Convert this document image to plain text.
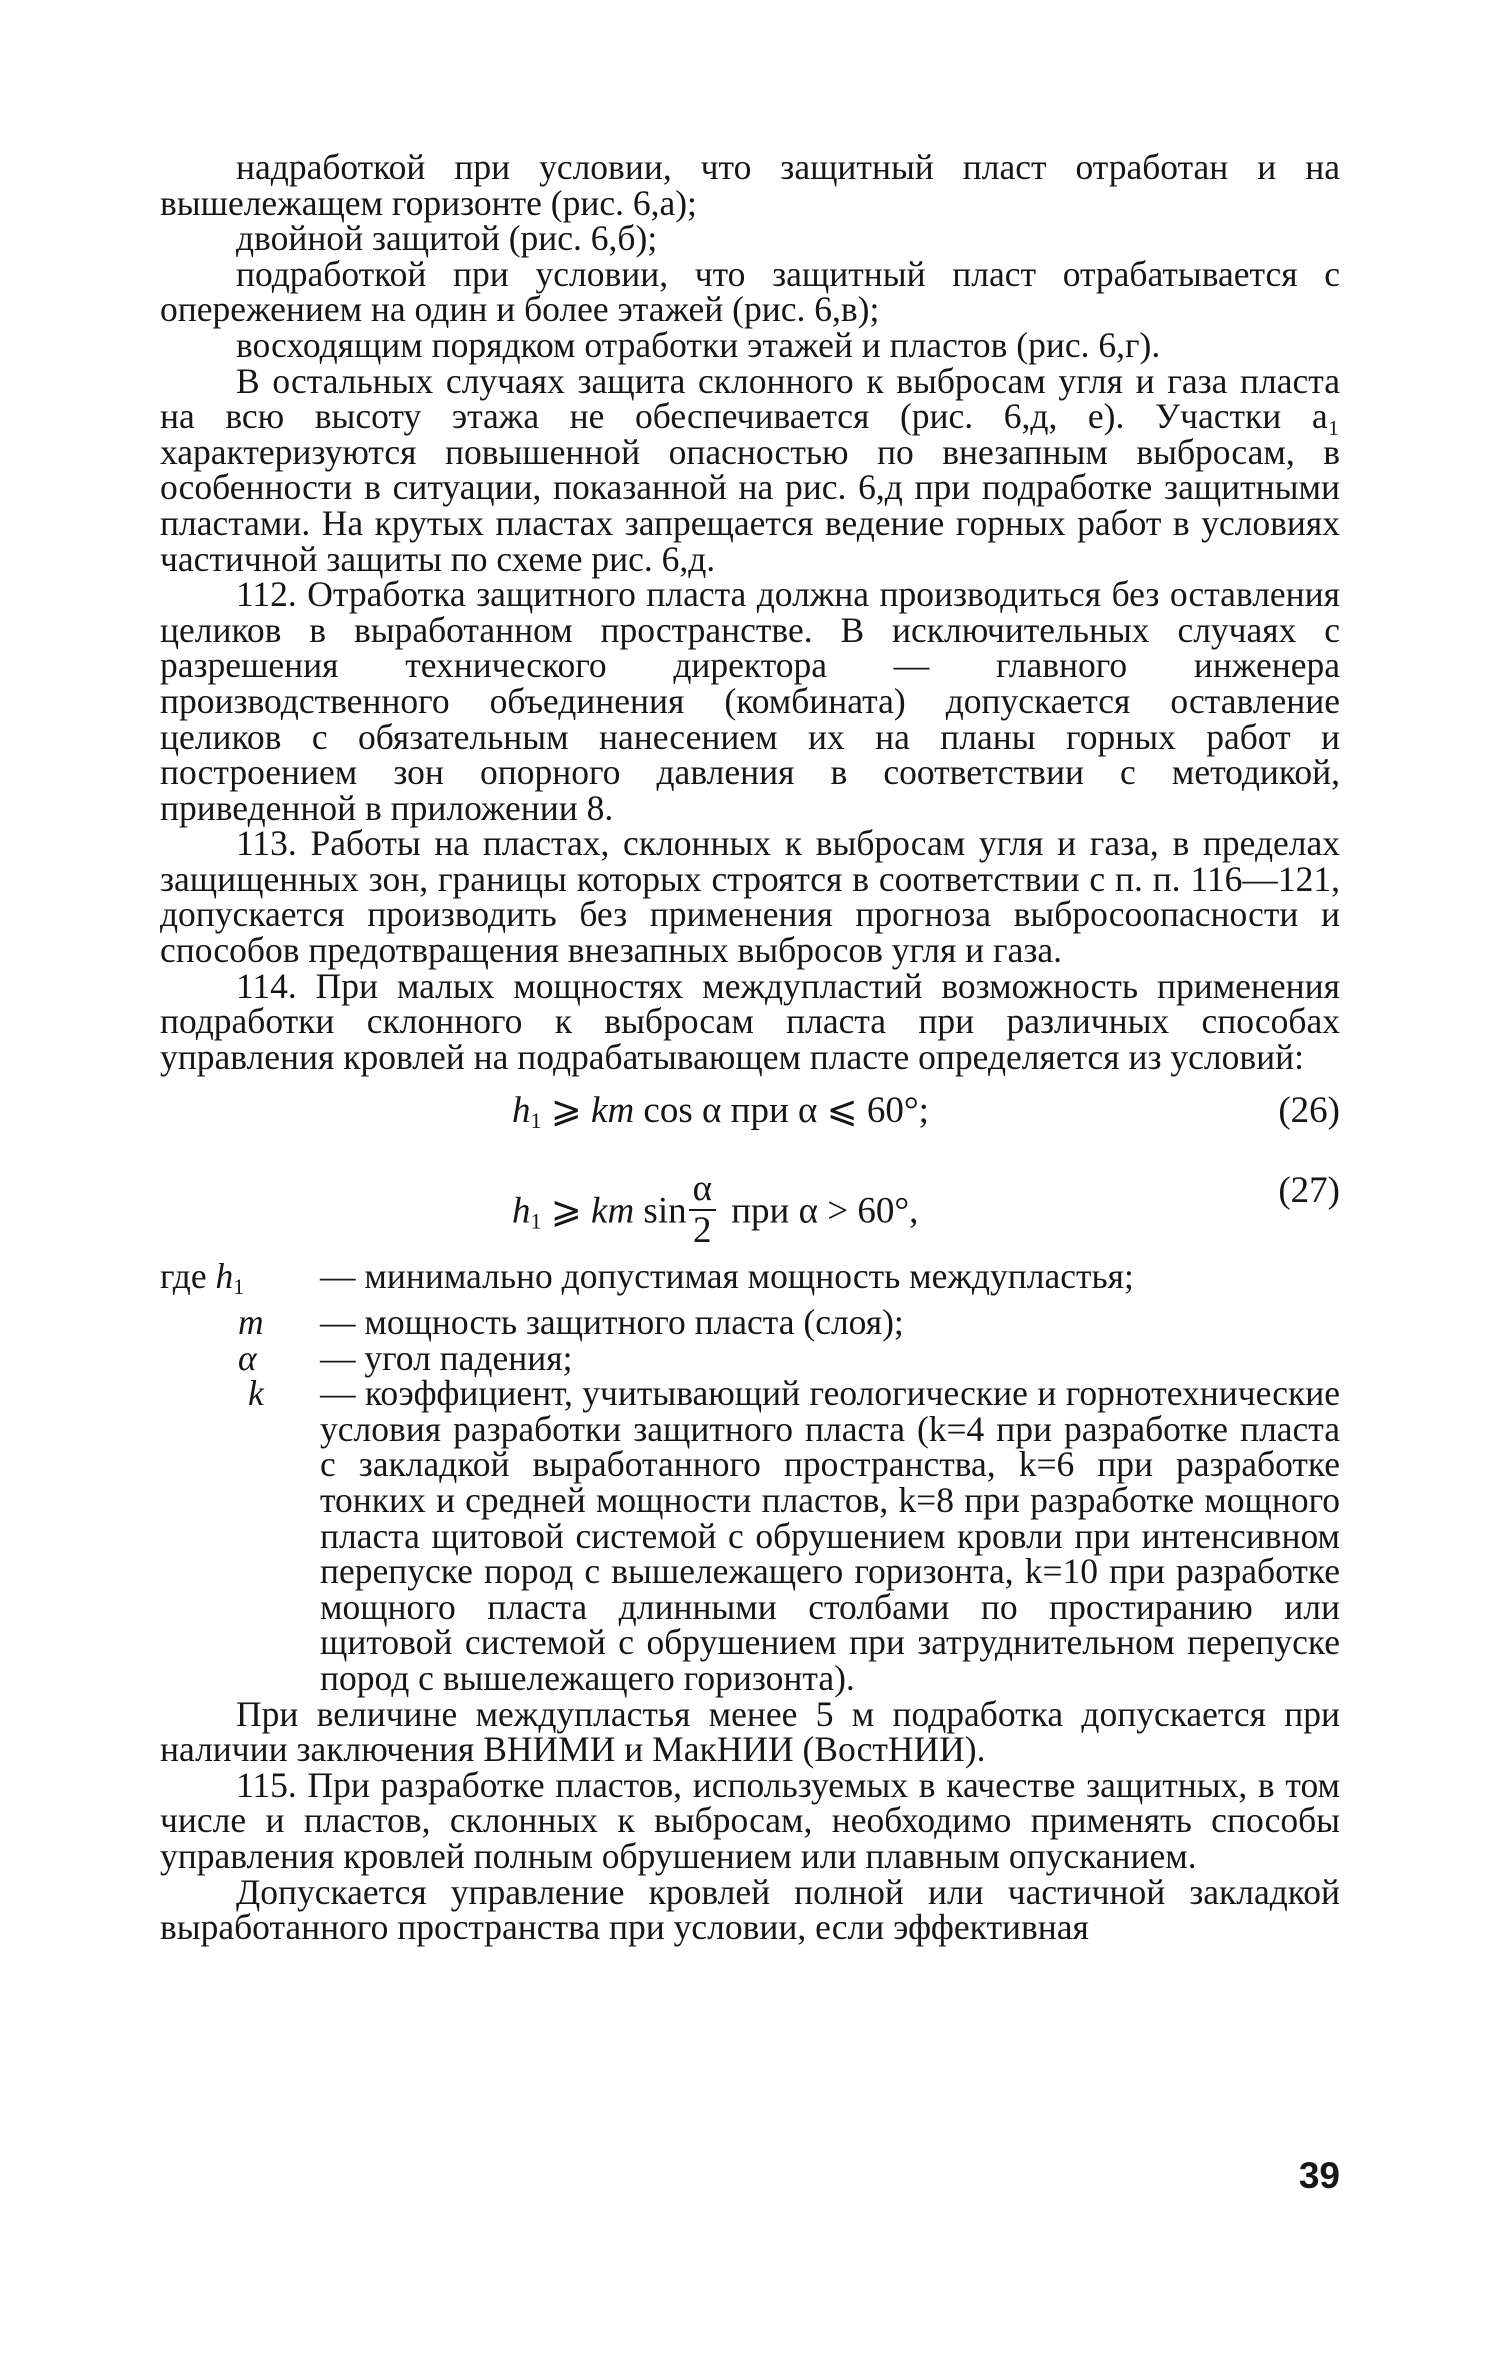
надработкой при условии, что защитный пласт отработан и на вышележащем горизонте (рис. 6,а);

двойной защитой (рис. 6,б);

подработкой при условии, что защитный пласт отрабатывается с опережением на один и более этажей (рис. 6,в);

восходящим порядком отработки этажей и пластов (рис. 6,г).

В остальных случаях защита склонного к выбросам угля и газа пласта на всю высоту этажа не обеспечивается (рис. 6,д, е). Участки а₁ характеризуются повышенной опасностью по внезапным выбросам, в особенности в ситуации, показанной на рис. 6,д при подработке защитными пластами. На крутых пластах запрещается ведение горных работ в условиях частичной защиты по схеме рис. 6,д.

112. Отработка защитного пласта должна производиться без оставления целиков в выработанном пространстве. В исключительных случаях с разрешения технического директора — главного инженера производственного объединения (комбината) допускается оставление целиков с обязательным нанесением их на планы горных работ и построением зон опорного давления в соответствии с методикой, приведенной в приложении 8.

113. Работы на пластах, склонных к выбросам угля и газа, в пределах защищенных зон, границы которых строятся в соответствии с п. п. 116—121, допускается производить без применения прогноза выбросоопасности и способов предотвращения внезапных выбросов угля и газа.

114. При малых мощностях междупластий возможность применения подработки склонного к выбросам пласта при различных способах управления кровлей на подрабатывающем пласте определяется из условий:

$h_1$ ⩾ km cos α при α ⩽ 60°;	(26)
$h_1$ ⩾ km $\sin \frac{\alpha}{2}$ при α > 60°,	(27)
где $h_1$	— минимально допустимая мощность междупластья;
m	— мощность защитного пласта (слоя);
α	— угол падения;
k	— коэффициент, учитывающий геологические и горнотехнические условия разработки защитного пласта (k=4 при разработке пласта с закладкой выработанного пространства, k=6 при разработке тонких и средней мощности пластов, k=8 при разработке мощного пласта щитовой системой с обрушением кровли при интенсивном перепуске пород с вышележащего горизонта, k=10 при разработке мощного пласта длинными столбами по простиранию или щитовой системой с обрушением при затруднительном перепуске пород с вышележащего горизонта).

При величине междупластья менее 5 м подработка допускается при наличии заключения ВНИМИ и МакНИИ (ВостНИИ).

115. При разработке пластов, используемых в качестве защитных, в том числе и пластов, склонных к выбросам, необходимо применять способы управления кровлей полным обрушением или плавным опусканием.

Допускается управление кровлей полной или частичной закладкой выработанного пространства при условии, если эффективная

39
